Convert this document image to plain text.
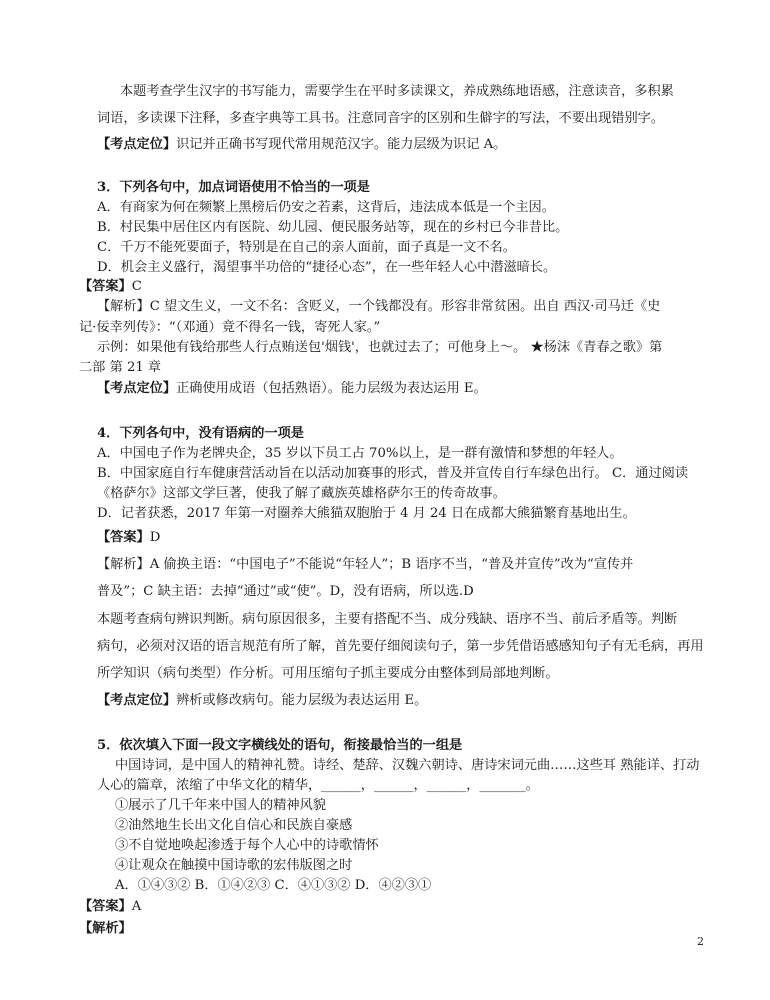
本题考查学生汉字的书写能力，需要学生在平时多读课文，养成熟练地语感，注意读音，多积累
词语，多读课下注释，多查字典等工具书。注意同音字的区别和生僻字的写法，不要出现错别字。
【考点定位】识记并正确书写现代常用规范汉字。能力层级为识记 A。
3．下列各句中，加点词语使用不恰当的一项是
A．有商家为何在频繁上黑榜后仍安之若素，这背后，违法成本低是一个主因。
B．村民集中居住区内有医院、幼儿园、便民服务站等，现在的乡村已今非昔比。
C．千万不能死要面子，特别是在自己的亲人面前，面子真是一文不名。
D．机会主义盛行，渴望事半功倍的“捷径心态”，在一些年轻人心中潜滋暗长。
【答案】C
【解析】C 望文生义，一文不名：含贬义，一个钱都没有。形容非常贫困。出自 西汉·司马迁《史
记·佞幸列传》：“（邓通）竟不得名一钱，寄死人家。”
示例：如果他有钱给那些人行点贿送包'烟钱'，也就过去了；可他身上～。 ★杨沫《青春之歌》第
二部 第 21 章
【考点定位】正确使用成语（包括熟语）。能力层级为表达运用 E。
4．下列各句中，没有语病的一项是
A．中国电子作为老牌央企，35 岁以下员工占 70%以上，是一群有激情和梦想的年轻人。
B．中国家庭自行车健康营活动旨在以活动加赛事的形式，普及并宣传自行车绿色出行。 C．通过阅读
《格萨尔》这部文学巨著，使我了解了藏族英雄格萨尔王的传奇故事。
D．记者获悉，2017 年第一对圈养大熊猫双胞胎于 4 月 24 日在成都大熊猫繁育基地出生。
【答案】D
【解析】A 偷换主语：“中国电子”不能说“年轻人”；B 语序不当，“普及并宣传”改为“宣传并
普及”；C 缺主语：去掉“通过”或“使”。D，没有语病，所以选.D
本题考查病句辨识判断。病句原因很多，主要有搭配不当、成分残缺、语序不当、前后矛盾等。判断
病句，必须对汉语的语言规范有所了解，首先要仔细阅读句子，第一步凭借语感感知句子有无毛病，再用
所学知识（病句类型）作分析。可用压缩句子抓主要成分由整体到局部地判断。
【考点定位】辨析或修改病句。能力层级为表达运用 E。
5．依次填入下面一段文字横线处的语句，衔接最恰当的一组是
中国诗词，是中国人的精神礼赞。诗经、楚辞、汉魏六朝诗、唐诗宋词元曲……这些耳 熟能详、打动
人心的篇章，浓缩了中华文化的精华，______，______，______，_______。
①展示了几千年来中国人的精神风貌
②油然地生长出文化自信心和民族自豪感
③不自觉地唤起渗透于每个人心中的诗歌情怀
④让观众在触摸中国诗歌的宏伟版图之时
A．①④③② B．①④②③ C．④①③② D．④②③①
【答案】A
【解析】
2
